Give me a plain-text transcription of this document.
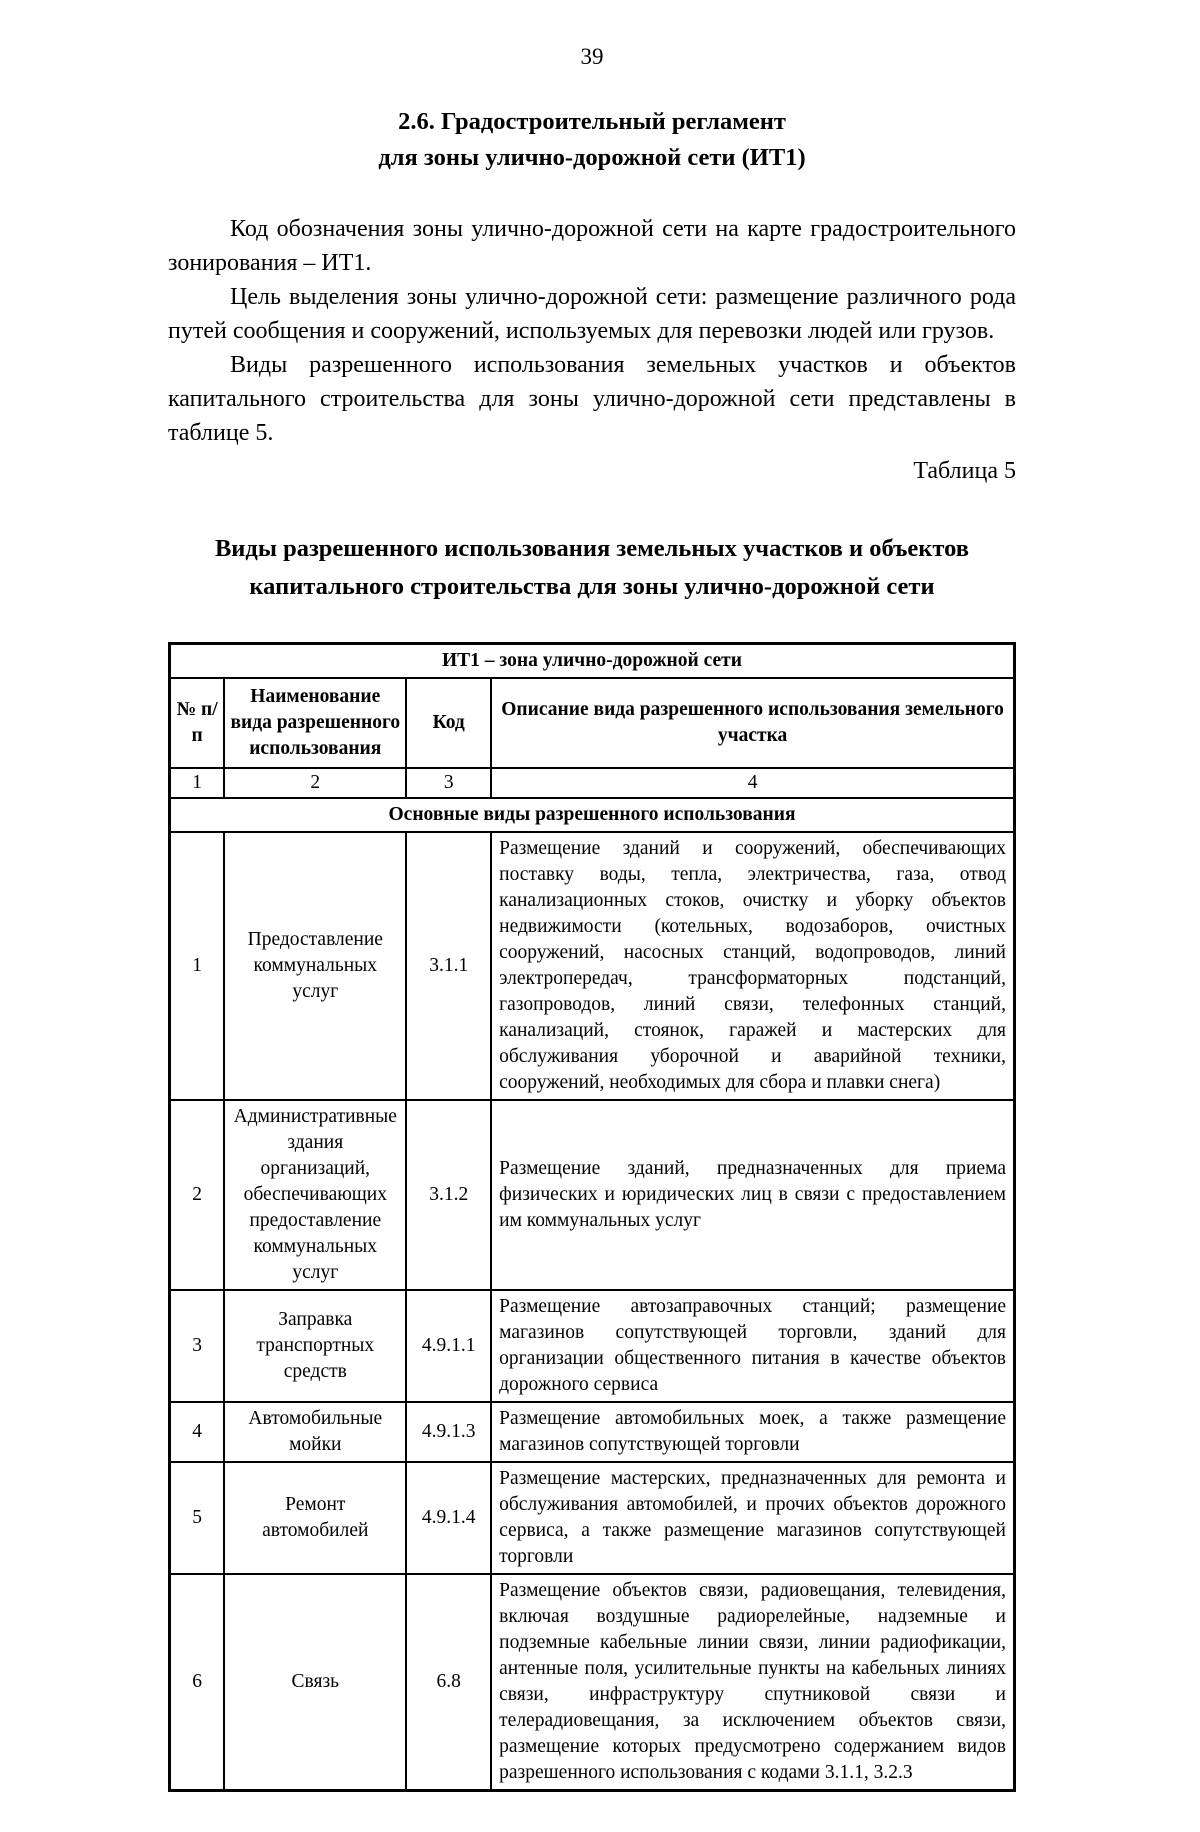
39
2.6. Градостроительный регламент
для зоны улично-дорожной сети (ИТ1)

Код обозначения зоны улично-дорожной сети на карте градостроительного зонирования – ИТ1.

Цель выделения зоны улично-дорожной сети: размещение различного рода путей сообщения и сооружений, используемых для перевозки людей или грузов.

Виды разрешенного использования земельных участков и объектов капитального строительства для зоны улично-дорожной сети представлены в таблице 5.

Таблица 5
Виды разрешенного использования земельных участков и объектов капитального строительства для зоны улично-дорожной сети
ИТ1 – зона улично-дорожной сети			
№ п/п	Наименование вида разрешенного использования	Код	Описание вида разрешенного использования земельного участка
1	2	3	4
Основные виды разрешенного использования			
1	Предоставление коммунальных услуг	3.1.1	Размещение зданий и сооружений, обеспечивающих поставку воды, тепла, электричества, газа, отвод канализационных стоков, очистку и уборку объектов недвижимости (котельных, водозаборов, очистных сооружений, насосных станций, водопроводов, линий электропередач, трансформаторных подстанций, газопроводов, линий связи, телефонных станций, канализаций, стоянок, гаражей и мастерских для обслуживания уборочной и аварийной техники, сооружений, необходимых для сбора и плавки снега)
2	Административные здания организаций, обеспечивающих предоставление коммунальных услуг	3.1.2	Размещение зданий, предназначенных для приема физических и юридических лиц в связи с предоставлением им коммунальных услуг
3	Заправка транспортных средств	4.9.1.1	Размещение автозаправочных станций; размещение магазинов сопутствующей торговли, зданий для организации общественного питания в качестве объектов дорожного сервиса
4	Автомобильные мойки	4.9.1.3	Размещение автомобильных моек, а также размещение магазинов сопутствующей торговли
5	Ремонт автомобилей	4.9.1.4	Размещение мастерских, предназначенных для ремонта и обслуживания автомобилей, и прочих объектов дорожного сервиса, а также размещение магазинов сопутствующей торговли
6	Связь	6.8	Размещение объектов связи, радиовещания, телевидения, включая воздушные радиорелейные, надземные и подземные кабельные линии связи, линии радиофикации, антенные поля, усилительные пункты на кабельных линиях связи, инфраструктуру спутниковой связи и телерадиовещания, за исключением объектов связи, размещение которых предусмотрено содержанием видов разрешенного использования с кодами 3.1.1, 3.2.3
